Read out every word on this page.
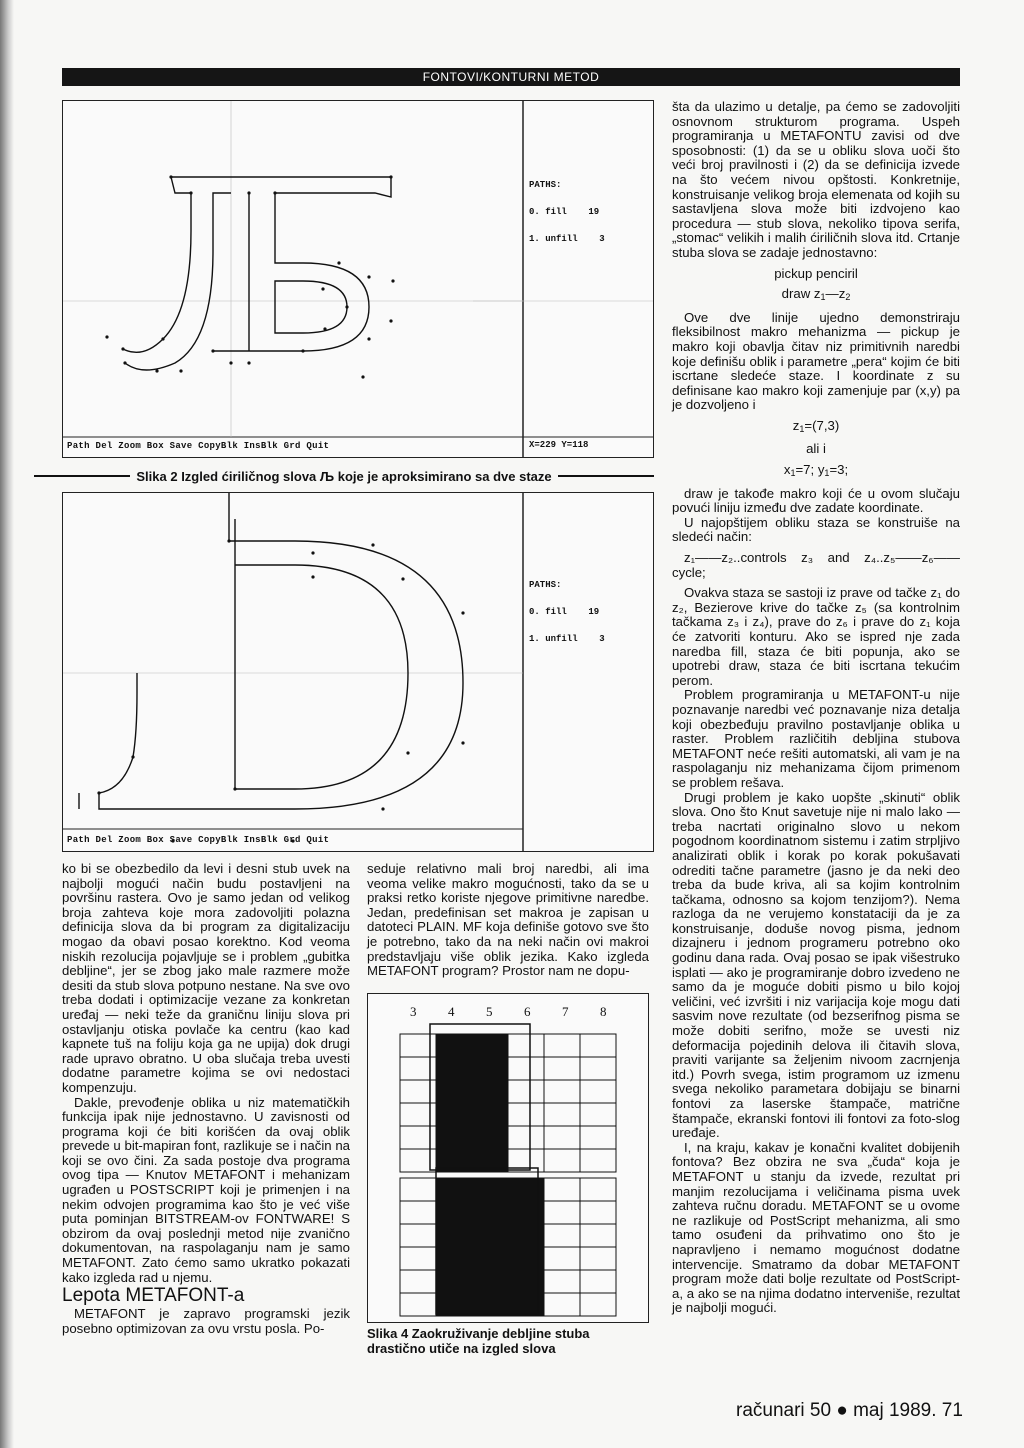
FONTOVI/KONTURNI METOD

PATHS:

0. fill    19

1. unfill    3

Path Del Zoom Box Save CopyBlk InsBlk Grd Quit	X=229 Y=118
Slika 2 Izgled ćiriličnog slova Љ koje je aproksimirano sa dve staze

PATHS:

0. fill    19

1. unfill    3

Path Del Zoom Box Save CopyBlk InsBlk Grd Quit

ko bi se obezbedilo da levi i desni stub uvek na najbolji mogući način budu postavljeni na površinu rastera. Ovo je samo jedan od velikog broja zahteva koje mora zadovoljiti polazna definicija slova da bi program za digitalizaciju mogao da obavi posao korektno. Kod veoma niskih rezolucija pojavljuje se i problem „gubitka debljine“, jer se zbog jako male razmere može desiti da stub slova potpuno nestane. Na sve ovo treba dodati i optimizacije vezane za konkretan uređaj — neki teže da graničnu liniju slova pri ostavljanju otiska povlače ka centru (kao kad kapnete tuš na foliju koja ga ne upija) dok drugi rade upravo obratno. U oba slučaja treba uvesti dodatne parametre kojima se ovi nedostaci kompenzuju.

Dakle, prevođenje oblika u niz matematičkih funkcija ipak nije jednostavno. U zavisnosti od programa koji će biti korišćen da ovaj oblik prevede u bit-mapiran font, razlikuje se i način na koji se ovo čini. Za sada postoje dva programa ovog tipa — Knutov METAFONT i mehanizam ugrađen u POSTSCRIPT koji je primenjen i na nekim odvojen programima kao što je već više puta pominjan BITSTREAM-ov FONTWARE! S obzirom da ovaj poslednji metod nije zvanično dokumentovan, na raspolaganju nam je samo METAFONT. Zato ćemo samo ukratko pokazati kako izgleda rad u njemu.

Lepota METAFONT-a

METAFONT je zapravo programski jezik posebno optimizovan za ovu vrstu posla. Po-

seduje relativno mali broj naredbi, ali ima veoma velike makro mogućnosti, tako da se u praksi retko koriste njegove primitivne naredbe. Jedan, predefinisan set makroa je zapisan u datoteci PLAIN. MF koja definiše gotovo sve što je potrebno, tako da na neki način ovi makroi predstavljaju više oblik jezika. Kako izgleda METAFONT program? Prostor nam ne dopu-

3 4 5 6 7 8
Slika 4 Zaokruživanje debljine stuba drastično utiče na izgled slova

šta da ulazimo u detalje, pa ćemo se zadovoljiti osnovnom strukturom programa. Uspeh programiranja u METAFONTU zavisi od dve sposobnosti: (1) da se u obliku slova uoči što veći broj pravilnosti i (2) da se definicija izvede na što većem nivou opštosti. Konkretnije, konstruisanje velikog broja elemenata od kojih su sastavljena slova može biti izdvojeno kao procedura — stub slova, nekoliko tipova serifa, „stomac“ velikih i malih ćiriličnih slova itd. Crtanje stuba slova se zadaje jednostavno:

pickup penciril

draw $z_1—z_2$

Ove dve linije ujedno demonstriraju fleksibilnost makro mehanizma — pickup je makro koji obavlja čitav niz primitivnih naredbi koje definišu oblik i parametre „pera“ kojim će biti iscrtane sledeće staze. I koordinate z su definisane kao makro koji zamenjuje par (x,y) pa je dozvoljeno i

$z_1=(7,3)$

ali i

$x_1=7$; $y_1=3$;

draw je takođe makro koji će u ovom slučaju povući liniju između dve zadate koordinate.

U najopštijem obliku staza se konstruiše na sledeći način:

z₁——z₂..controls z₃ and z₄..z₅——z₆——cycle;

Ovakva staza se sastoji iz prave od tačke z₁ do z₂, Bezierove krive do tačke z₅ (sa kontrolnim tačkama z₃ i z₄), prave do z₆ i prave do z₁ koja će zatvoriti konturu. Ako se ispred nje zada naredba fill, staza će biti popunja, ako se upotrebi draw, staza će biti iscrtana tekućim perom.

Problem programiranja u METAFONT-u nije poznavanje naredbi već poznavanje niza detalja koji obezbeđuju pravilno postavljanje oblika u raster. Problem različitih debljina stubova METAFONT neće rešiti automatski, ali vam je na raspolaganju niz mehanizama čijom primenom se problem rešava.

Drugi problem je kako uopšte „skinuti“ oblik slova. Ono što Knut savetuje nije ni malo lako — treba nacrtati originalno slovo u nekom pogodnom koordinatnom sistemu i zatim strpljivo analizirati oblik i korak po korak pokušavati odrediti tačne parametre (jasno je da neki deo treba da bude kriva, ali sa kojim kontrolnim tačkama, odnosno sa kojom tenzijom?). Nema razloga da ne verujemo konstataciji da je za konstruisanje, doduše novog pisma, jednom dizajneru i jednom programeru potrebno oko godinu dana rada. Ovaj posao se ipak višestruko isplati — ako je programiranje dobro izvedeno ne samo da je moguće dobiti pismo u bilo kojoj veličini, već izvršiti i niz varijacija koje mogu dati sasvim nove rezultate (od bezserifnog pisma se može dobiti serifno, može se uvesti niz deformacija pojedinih delova ili čitavih slova, praviti varijante sa željenim nivoom zacrnjenja itd.) Povrh svega, istim programom uz izmenu svega nekoliko parametara dobijaju se binarni fontovi za laserske štampače, matrične štampače, ekranski fontovi ili fontovi za foto-slog uređaje.

I, na kraju, kakav je konačni kvalitet dobijenih fontova? Bez obzira ne sva „čuda“ koja je METAFONT u stanju da izvede, rezultat pri manjim rezolucijama i veličinama pisma uvek zahteva ručnu doradu. METAFONT se u ovome ne razlikuje od PostScript mehanizma, ali smo tamo osuđeni da prihvatimo ono što je napravljeno i nemamo mogućnost dodatne intervencije. Smatramo da dobar METAFONT program može dati bolje rezultate od PostScript-a, a ako se na njima dodatno interveniše, rezultat je najbolji mogući.

računari 50 ● maj 1989. 71
